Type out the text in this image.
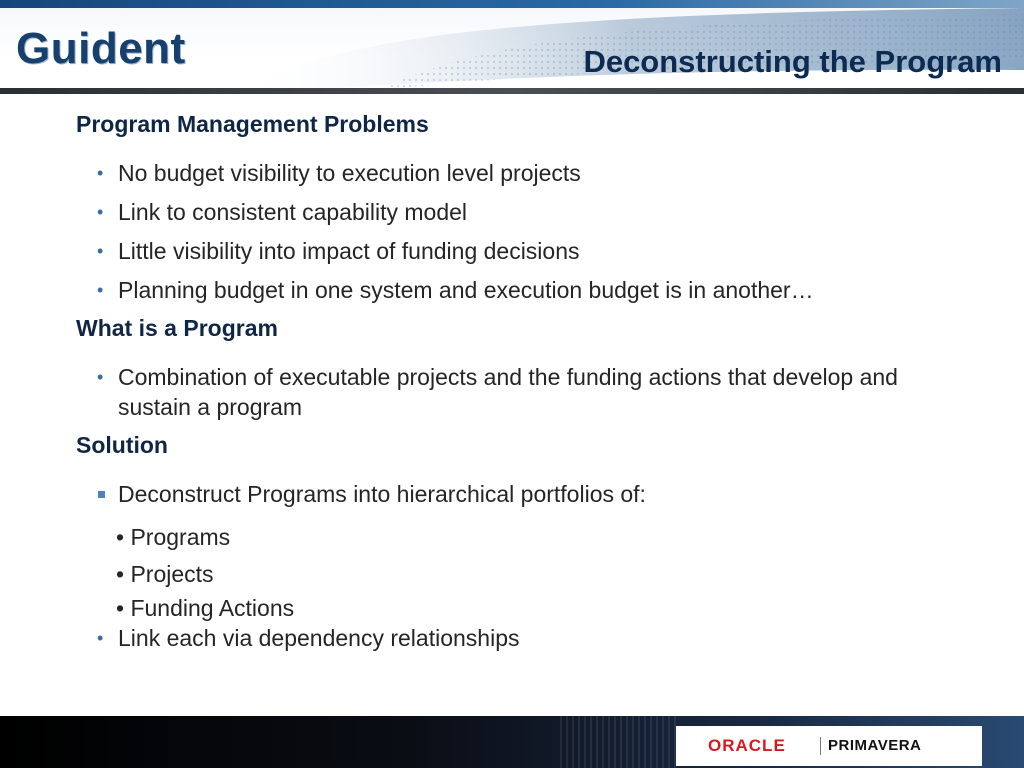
Guident	Deconstructing the Program
Program Management Problems
• No budget visibility to execution level projects
• Link to consistent capability model
• Little visibility into impact of funding decisions
• Planning budget in one system and execution budget is in another…
What is a Program
• Combination of executable projects and the funding actions that develop and sustain a program
Solution
Deconstruct Programs into hierarchical portfolios of:
• Programs
• Projects
• Funding Actions
• Link each via dependency relationships
ORACLE	PRIMAVERA
